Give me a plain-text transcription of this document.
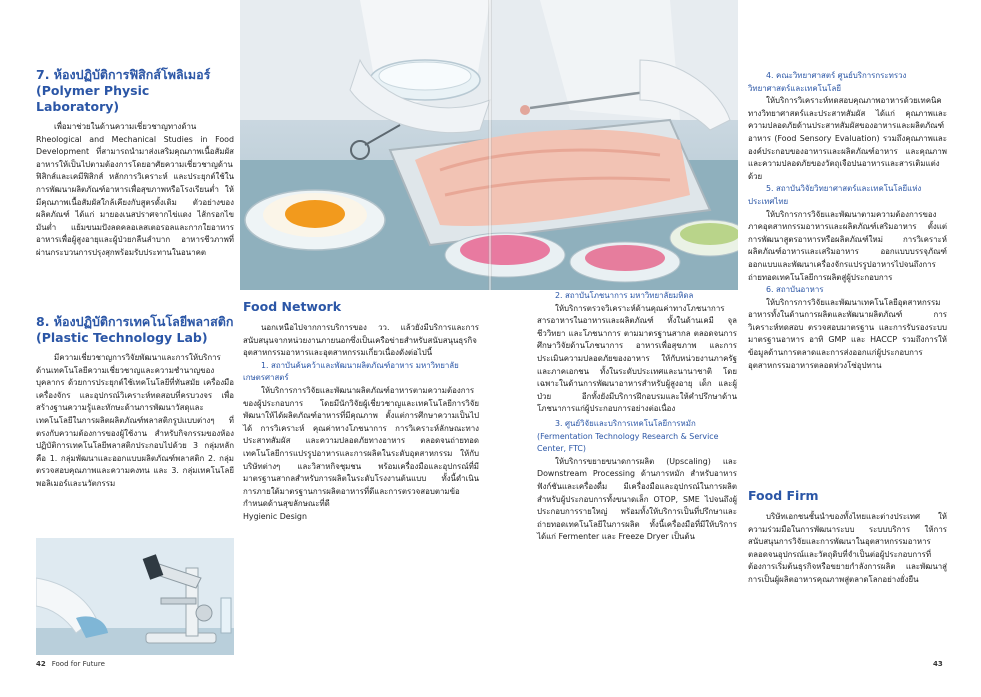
7. ห้องปฏิบัติการฟิสิกส์โพลิเมอร์
(Polymer Physic Laboratory)

เพื่อมาช่วยในด้านความเชี่ยวชาญทางด้าน Rheological and Mechanical Studies in Food Development ที่สามารถนำมาส่งเสริมคุณภาพเนื้อสัมผัสอาหารให้เป็นไปตามต้องการโดยอาศัยความเชี่ยวชาญด้านฟิสิกส์และเคมีฟิสิกส์ หลักการวิเคราะห์ และประยุกต์ใช้ในการพัฒนาผลิตภัณฑ์อาหารเพื่อสุขภาพหรือโรงเรียนต่ำ ให้มีคุณภาพเนื้อสัมผัสใกล้เคียงกับสูตรดั้งเดิม ตัวอย่างของผลิตภัณฑ์ ได้แก่ มายองเนสปราศจากไข่แดง ไส้กรอกไขมันต่ำ แย้มขนมปังลดคลอเลสเตอรอลและกากใยอาหาร อาหารเพื่อผู้สูงอายุและผู้ป่วยกลืนลำบาก อาหารชีวภาพที่ผ่านกระบวนการปรุงสุกพร้อมรับประทานในอนาคต

8. ห้องปฏิบัติการเทคโนโลยีพลาสติก
(Plastic Technology Lab)

มีความเชี่ยวชาญการวิจัยพัฒนาและการให้บริการด้านเทคโนโลยีความเชี่ยวชาญและความชำนาญของบุคลากร ด้วยการประยุกต์ใช้เทคโนโลยีที่ทันสมัย เครื่องมือ เครื่องจักร และอุปกรณ์วิเคราะห์ทดสอบที่ครบวงจร เพื่อสร้างฐานความรู้และทักษะด้านการพัฒนาวัสดุและเทคโนโลยีในการผลิตผลิตภัณฑ์พลาสติกรูปแบบต่างๆ ที่ตรงกับความต้องการของผู้ใช้งาน สำหรับกิจกรรมของห้องปฏิบัติการเทคโนโลยีพลาสติกประกอบไปด้วย 3 กลุ่มหลัก คือ 1. กลุ่มพัฒนาและออกแบบผลิตภัณฑ์พลาสติก 2. กลุ่มตรวจสอบคุณภาพและความคงทน และ 3. กลุ่มเทคโนโลยีพอลิเมอร์และนวัตกรรม

42 Food for Future
Food Network

นอกเหนือไปจากการบริการของ วว. แล้วยังมีบริการและการสนับสนุนจากหน่วยงานภายนอกซึ่งเป็นเครือข่ายสำหรับสนับสนุนธุรกิจอุตสาหกรรมอาหารและอุตสาหกรรมเกี่ยวเนื่องดังต่อไปนี้

1. สถาบันค้นคว้าและพัฒนาผลิตภัณฑ์อาหาร มหาวิทยาลัยเกษตรศาสตร์

ให้บริการการวิจัยและพัฒนาผลิตภัณฑ์อาหารตามความต้องการของผู้ประกอบการ โดยมีนักวิจัยผู้เชี่ยวชาญและเทคโนโลยีการวิจัยพัฒนาให้ได้ผลิตภัณฑ์อาหารที่มีคุณภาพ ตั้งแต่การศึกษาความเป็นไปได้ การวิเคราะห์ คุณค่าทางโภชนาการ การวิเคราะห์ลักษณะทางประสาทสัมผัส และความปลอดภัยทางอาหาร ตลอดจนถ่ายทอดเทคโนโลยีการแปรรูปอาหารและการผลิตในระดับอุตสาหกรรม ให้กับบริษัทต่างๆ และวิสาหกิจชุมชน พร้อมเครื่องมือและอุปกรณ์ที่มีมาตรฐานสากลสำหรับการผลิตในระดับโรงงานต้นแบบ ทั้งนี้ดำเนินการภายใต้มาตรฐานการผลิตอาหารที่ดีและการตรวจสอบตามข้อกำหนดด้านสุขลักษณะที่ดี

Hygienic Design

2. สถาบันโภชนาการ มหาวิทยาลัยมหิดล

ให้บริการตรวจวิเคราะห์ด้านคุณค่าทางโภชนาการ สารอาหารในอาหารและผลิตภัณฑ์ ทั้งในด้านเคมี จุลชีววิทยา และโภชนาการ ตามมาตรฐานสากล ตลอดจนการศึกษาวิจัยด้านโภชนาการ อาหารเพื่อสุขภาพ และการประเมินความปลอดภัยของอาหาร ให้กับหน่วยงานภาครัฐและภาคเอกชน ทั้งในระดับประเทศและนานาชาติ โดยเฉพาะในด้านการพัฒนาอาหารสำหรับผู้สูงอายุ เด็ก และผู้ป่วย อีกทั้งยังมีบริการฝึกอบรมและให้คำปรึกษาด้านโภชนาการแก่ผู้ประกอบการอย่างต่อเนื่อง

3. ศูนย์วิจัยและบริการเทคโนโลยีการหมัก (Fermentation Technology Research & Service Center, FTC)

ให้บริการขยายขนาดการผลิต (Upscaling) และ Downstream Processing ด้านการหมัก สำหรับอาหารฟังก์ชันและเครื่องดื่ม มีเครื่องมือและอุปกรณ์ในการผลิตสำหรับผู้ประกอบการทั้งขนาดเล็ก OTOP, SME ไปจนถึงผู้ประกอบการรายใหญ่ พร้อมทั้งให้บริการเป็นที่ปรึกษาและถ่ายทอดเทคโนโลยีในการผลิต ทั้งนี้เครื่องมือที่มีให้บริการ ได้แก่ Fermenter และ Freeze Dryer เป็นต้น

4. คณะวิทยาศาสตร์ ศูนย์บริการกระทรวงวิทยาศาสตร์และเทคโนโลยี

ให้บริการวิเคราะห์ทดสอบคุณภาพอาหารด้วยเทคนิคทางวิทยาศาสตร์และประสาทสัมผัส ได้แก่ คุณภาพและความปลอดภัยด้านประสาทสัมผัสของอาหารและผลิตภัณฑ์อาหาร (Food Sensory Evaluation) รวมถึงคุณภาพและองค์ประกอบของอาหารและผลิตภัณฑ์อาหาร และคุณภาพและความปลอดภัยของวัตถุเจือปนอาหารและสารเติมแต่งด้วย

5. สถาบันวิจัยวิทยาศาสตร์และเทคโนโลยีแห่งประเทศไทย

ให้บริการการวิจัยและพัฒนาตามความต้องการของภาคอุตสาหกรรมอาหารและผลิตภัณฑ์เสริมอาหาร ตั้งแต่การพัฒนาสูตรอาหารหรือผลิตภัณฑ์ใหม่ การวิเคราะห์ผลิตภัณฑ์อาหารและเสริมอาหาร ออกแบบบรรจุภัณฑ์ ออกแบบและพัฒนาเครื่องจักรแปรรูปอาหารไปจนถึงการถ่ายทอดเทคโนโลยีการผลิตสู่ผู้ประกอบการ

6. สถาบันอาหาร

ให้บริการการวิจัยและพัฒนาเทคโนโลยีอุตสาหกรรมอาหารทั้งในด้านการผลิตและพัฒนาผลิตภัณฑ์ การวิเคราะห์ทดสอบ ตรวจสอบมาตรฐาน และการรับรองระบบมาตรฐานอาหาร อาทิ GMP และ HACCP รวมถึงการให้ข้อมูลด้านการตลาดและการส่งออกแก่ผู้ประกอบการอุตสาหกรรมอาหารตลอดห่วงโซ่อุปทาน

Food Firm

บริษัทเอกชนชั้นนำของทั้งไทยและต่างประเทศ ให้ความร่วมมือในการพัฒนาระบบ ระบบบริการ ให้การสนับสนุนการวิจัยและการพัฒนาในอุตสาหกรรมอาหาร ตลอดจนอุปกรณ์และวัตถุดิบที่จำเป็นต่อผู้ประกอบการที่ต้องการเริ่มต้นธุรกิจหรือขยายกำลังการผลิต และพัฒนาสู่การเป็นผู้ผลิตอาหารคุณภาพสู่ตลาดโลกอย่างยั่งยืน

43
